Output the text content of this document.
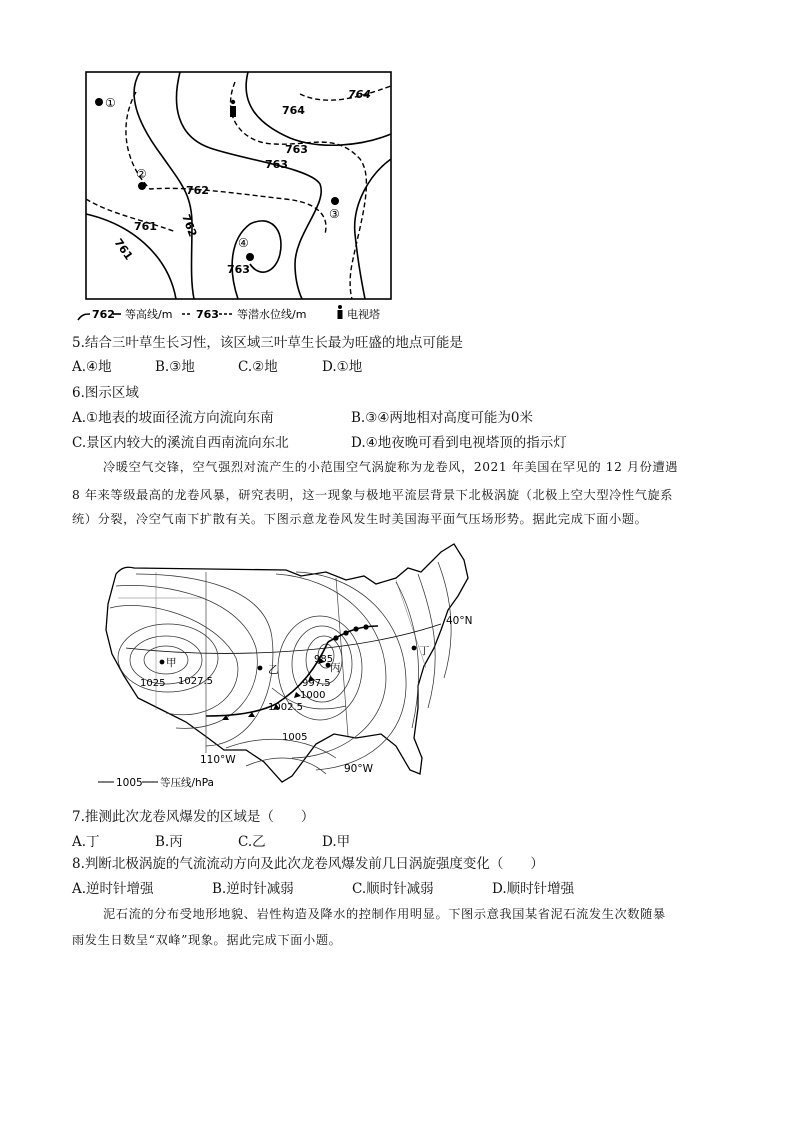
764
764
763
763
762
762
761
761
763
①
②
③
④
762 等高线/m 763 等潜水位线/m	电视塔
5.结合三叶草生长习性，该区域三叶草生长最为旺盛的地点可能是
A.④地	B.③地	C.②地	D.①地
6.图示区域
A.①地表的坡面径流方向流向东南	B.③④两地相对高度可能为0米
C.景区内较大的溪流自西南流向东北	D.④地夜晚可看到电视塔顶的指示灯
冷暖空气交锋，空气强烈对流产生的小范围空气涡旋称为龙卷风，2021 年美国在罕见的 12 月份遭遇
8 年来等级最高的龙卷风暴，研究表明，这一现象与极地平流层背景下北极涡旋（北极上空大型冷性气旋系
统）分裂，冷空气南下扩散有关。下图示意龙卷风发生时美国海平面气压场形势。据此完成下面小题。
甲
乙	丙
丁
1025 1027.5
1002.5
1005
997.5
1000
985
40°N
110°W
90°W
1005 等压线/hPa
7.推测此次龙卷风爆发的区域是（　　）
A.丁	B.丙	C.乙	D.甲
8.判断北极涡旋的气流流动方向及此次龙卷风爆发前几日涡旋强度变化（　　）
A.逆时针增强	B.逆时针减弱	C.顺时针减弱	D.顺时针增强
泥石流的分布受地形地貌、岩性构造及降水的控制作用明显。下图示意我国某省泥石流发生次数随暴
雨发生日数呈“双峰”现象。据此完成下面小题。
